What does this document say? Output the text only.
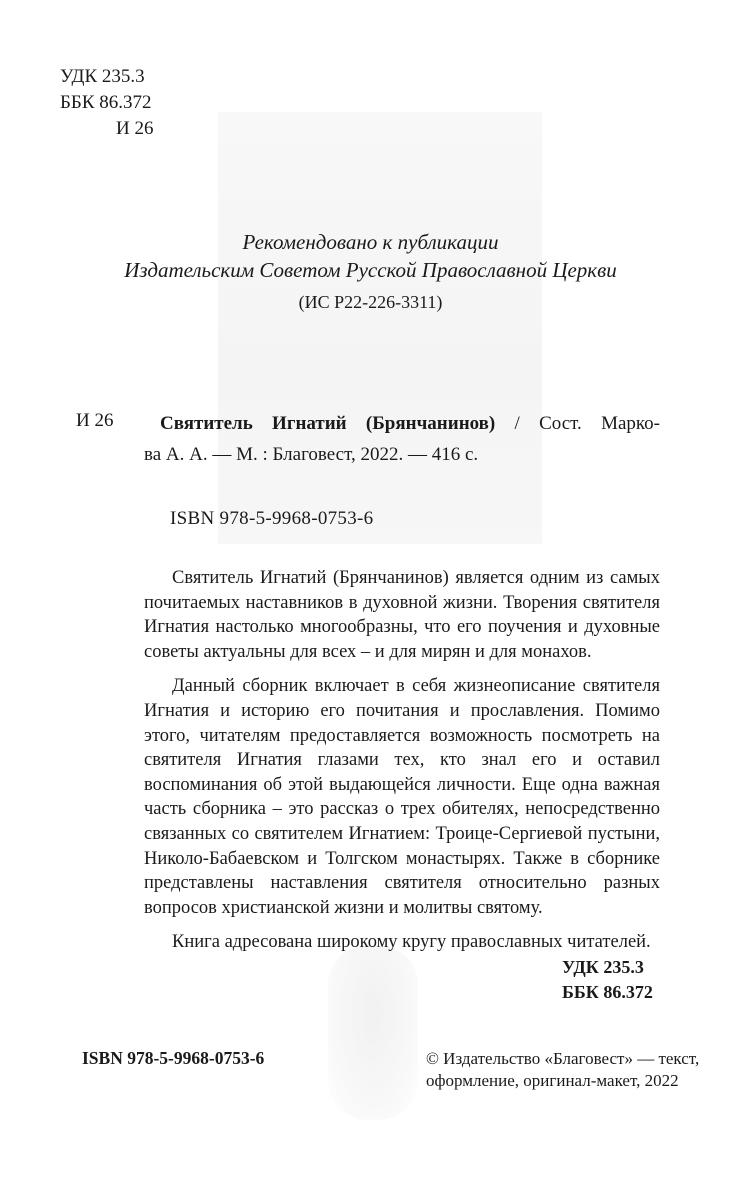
УДК 235.3
ББК 86.372
И 26
Рекомендовано к публикации
Издательским Советом Русской Православной Церкви
(ИС Р22-226-3311)
И 26	Святитель Игнатий (Брянчанинов) / Сост. Марко-
ва А. А. — М. : Благовест, 2022. — 416 с.
ISBN 978-5-9968-0753-6

Святитель Игнатий (Брянчанинов) является одним из самых почитаемых наставников в духовной жизни. Творения святителя Игнатия настолько многообразны, что его поучения и духовные советы актуальны для всех – и для мирян и для монахов.

Данный сборник включает в себя жизнеописание святителя Игнатия и историю его почитания и прославления. Помимо этого, читателям предоставляется возможность посмотреть на святителя Игнатия глазами тех, кто знал его и оставил воспоминания об этой выдающейся личности. Еще одна важная часть сборника – это рассказ о трех обителях, непосредственно связанных со святителем Игнатием: Троице-Сергиевой пустыни, Николо-Бабаевском и Толгском монастырях. Также в сборнике представлены наставления святителя относительно разных вопросов христианской жизни и молитвы святому.

Книга адресована широкому кругу православных читателей.

УДК 235.3
ББК 86.372
ISBN 978-5-9968-0753-6	© Издательство «Благовест» — текст,
оформление, оригинал-макет, 2022
